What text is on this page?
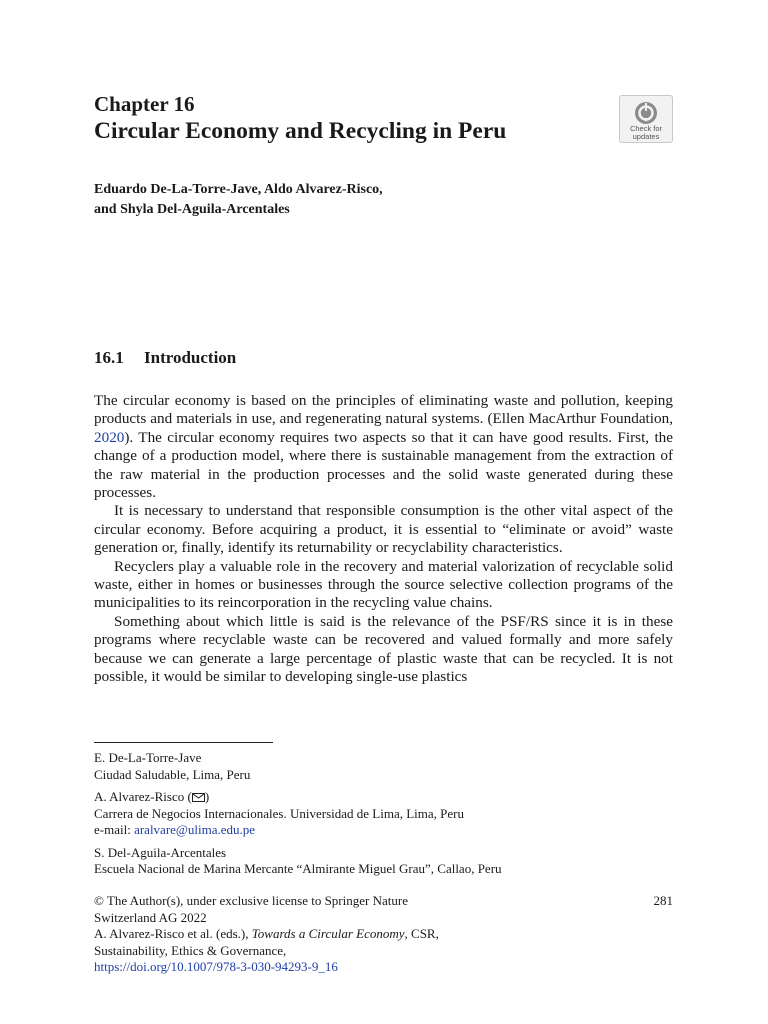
Chapter 16
Circular Economy and Recycling in Peru	Check for
updates
Eduardo De-La-Torre-Jave, Aldo Alvarez-Risco,
and Shyla Del-Aguila-Arcentales
16.1 Introduction

The circular economy is based on the principles of eliminating waste and pollution, keeping products and materials in use, and regenerating natural systems. (Ellen MacArthur Foundation, 2020). The circular economy requires two aspects so that it can have good results. First, the change of a production model, where there is sustainable management from the extraction of the raw material in the production processes and the solid waste generated during these processes.

It is necessary to understand that responsible consumption is the other vital aspect of the circular economy. Before acquiring a product, it is essential to “eliminate or avoid” waste generation or, finally, identify its returnability or recyclability characteristics.

Recyclers play a valuable role in the recovery and material valorization of recyclable solid waste, either in homes or businesses through the source selective collection programs of the municipalities to its reincorporation in the recycling value chains.

Something about which little is said is the relevance of the PSF/RS since it is in these programs where recyclable waste can be recovered and valued formally and more safely because we can generate a large percentage of plastic waste that can be recycled. It is not possible, it would be similar to developing single-use plastics

E. De-La-Torre-Jave
Ciudad Saludable, Lima, Peru
A. Alvarez-Risco ( )
Carrera de Negocios Internacionales. Universidad de Lima, Lima, Peru
e-mail: aralvare@ulima.edu.pe
S. Del-Aguila-Arcentales
Escuela Nacional de Marina Mercante “Almirante Miguel Grau”, Callao, Peru
281
© The Author(s), under exclusive license to Springer Nature
Switzerland AG 2022
A. Alvarez-Risco et al. (eds.), Towards a Circular Economy, CSR,
Sustainability, Ethics & Governance,
https://doi.org/10.1007/978-3-030-94293-9_16
